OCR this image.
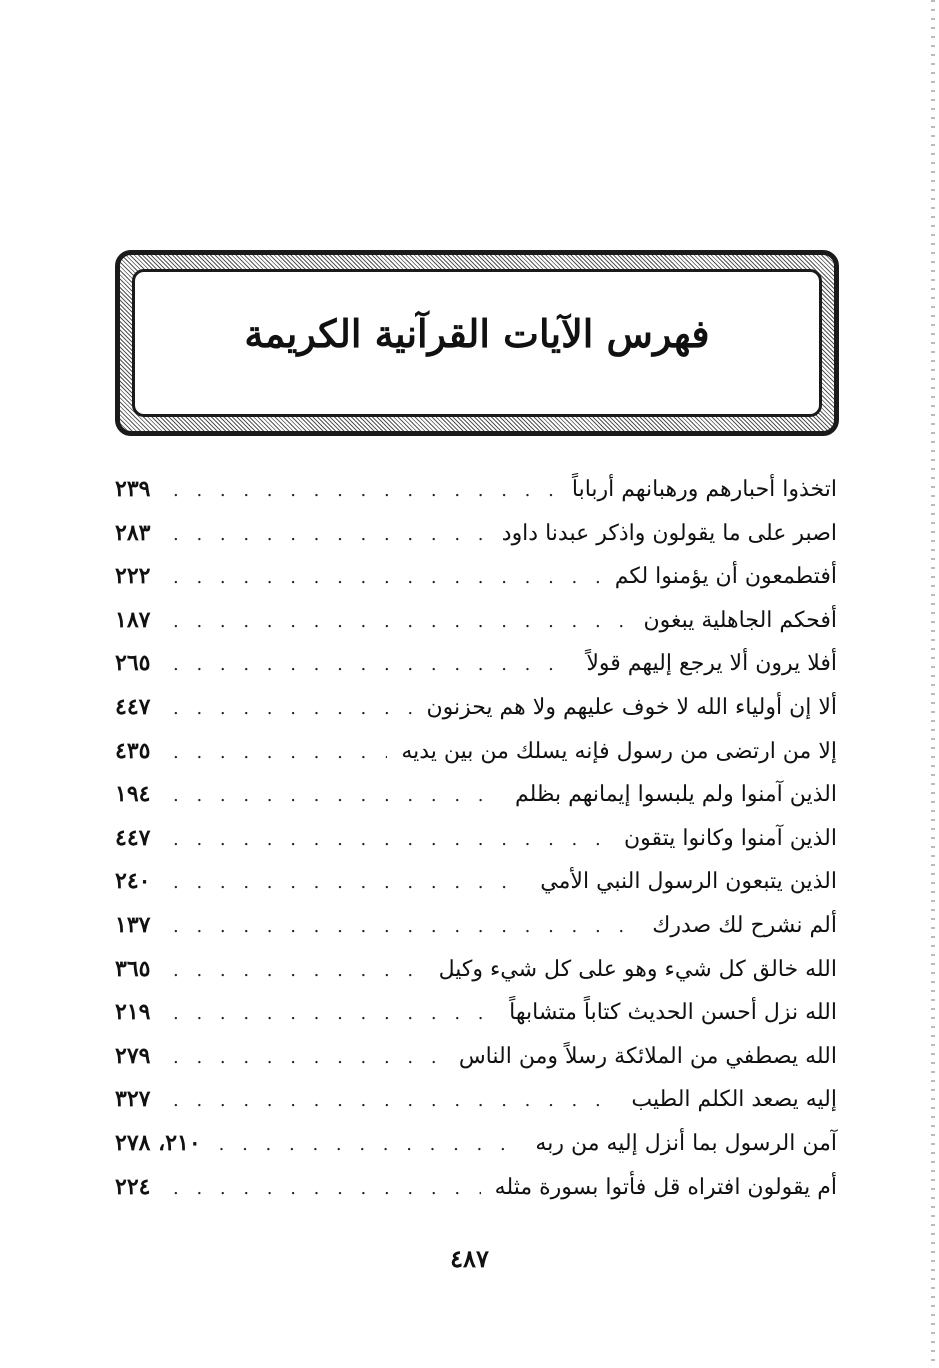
فهرس الآيات القرآنية الكريمة
اتخذوا أحبارهم ورهبانهم أرباباً
. . .
٢٣٩
اصبر على ما يقولون واذكر عبدنا داود
. . .
٢٨٣
أفتطمعون أن يؤمنوا لكم
. . .
٢٢٢
أفحكم الجاهلية يبغون
. . .
١٨٧
أفلا يرون ألا يرجع إليهم قولاً
. . .
٢٦٥
ألا إن أولياء الله لا خوف عليهم ولا هم يحزنون
. . .
٤٤٧
إلا من ارتضى من رسول فإنه يسلك من بين يديه
. . .
٤٣٥
الذين آمنوا ولم يلبسوا إيمانهم بظلم
. . .
١٩٤
الذين آمنوا وكانوا يتقون
. . .
٤٤٧
الذين يتبعون الرسول النبي الأمي
. . .
٢٤٠
ألم نشرح لك صدرك
. . .
١٣٧
الله خالق كل شيء وهو على كل شيء وكيل
. . .
٣٦٥
الله نزل أحسن الحديث كتاباً متشابهاً
. . .
٢١٩
الله يصطفي من الملائكة رسلاً ومن الناس
. . .
٢٧٩
إليه يصعد الكلم الطيب
. . .
٣٢٧
آمن الرسول بما أنزل إليه من ربه
. . .
٢١٠، ٢٧٨
أم يقولون افتراه قل فأتوا بسورة مثله
. . .
٢٢٤
٤٨٧
